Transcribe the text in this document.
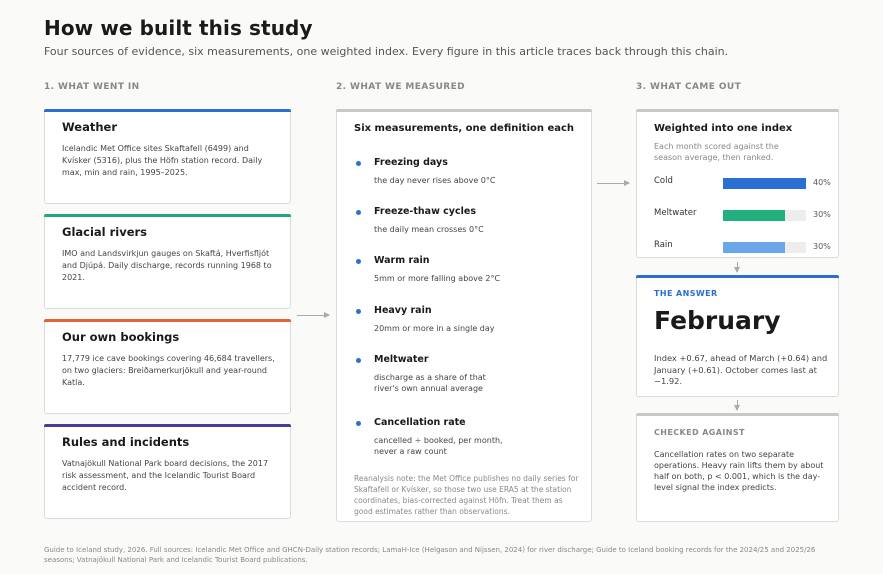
How we built this study
Four sources of evidence, six measurements, one weighted index. Every figure in this article traces back through this chain.
1. WHAT WENT IN	2. WHAT WE MEASURED	3. WHAT CAME OUT
Weather
Icelandic Met Office sites Skaftafell (6499) and Kvísker (5316), plus the Höfn station record. Daily max, min and rain, 1995–2025.
Glacial rivers
IMO and Landsvirkjun gauges on Skaftá, Hverfisfljót and Djúpá. Daily discharge, records running 1968 to 2021.
Our own bookings
17,779 ice cave bookings covering 46,684 travellers, on two glaciers: Breiðamerkurjökull and year-round Katla.
Rules and incidents
Vatnajökull National Park board decisions, the 2017 risk assessment, and the Icelandic Tourist Board accident record.
Six measurements, one definition each
Freezing days
the day never rises above 0°C
Freeze-thaw cycles
the daily mean crosses 0°C
Warm rain
5mm or more falling above 2°C
Heavy rain
20mm or more in a single day
Meltwater
discharge as a share of that river's own annual average
Cancellation rate
cancelled ÷ booked, per month, never a raw count
Reanalysis note: the Met Office publishes no daily series for Skaftafell or Kvísker, so those two use ERA5 at the station coordinates, bias-corrected against Höfn. Treat them as good estimates rather than observations.
Weighted into one index
Each month scored against the season average, then ranked.
Cold	40%
Meltwater	30%
Rain	30%
THE ANSWER
February
Index +0.67, ahead of March (+0.64) and January (+0.61). October comes last at −1.92.
CHECKED AGAINST
Cancellation rates on two separate operations. Heavy rain lifts them by about half on both, p < 0.001, which is the day-level signal the index predicts.
Guide to Iceland study, 2026. Full sources: Icelandic Met Office and GHCN-Daily station records; LamaH-Ice (Helgason and Nijssen, 2024) for river discharge; Guide to Iceland booking records for the 2024/25 and 2025/26 seasons; Vatnajökull National Park and Icelandic Tourist Board publications.
